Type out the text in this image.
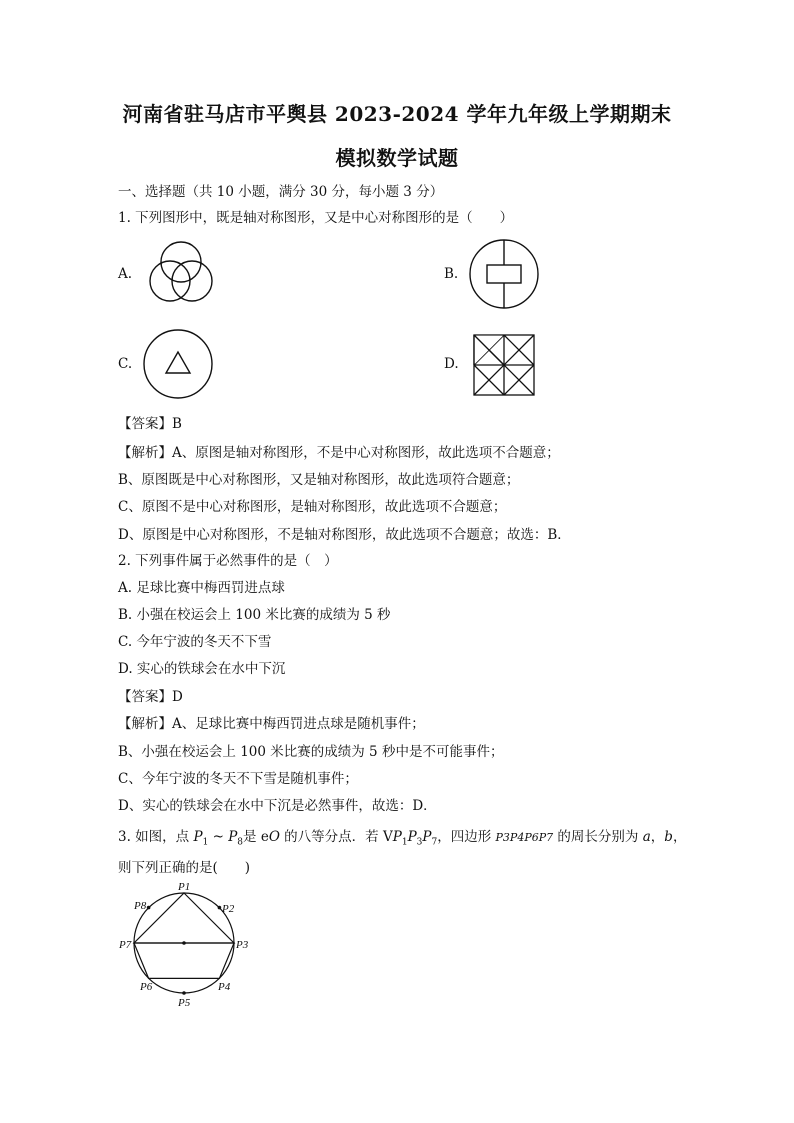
河南省驻马店市平舆县 2023-2024 学年九年级上学期期末
模拟数学试题
一、选择题（共 10 小题，满分 30 分，每小题 3 分）
1. 下列图形中，既是轴对称图形，又是中心对称图形的是（　　）
A.	B.
C.	D.
【答案】B
【解析】A、原图是轴对称图形，不是中心对称图形，故此选项不合题意；
B、原图既是中心对称图形，又是轴对称图形，故此选项符合题意；
C、原图不是中心对称图形，是轴对称图形，故此选项不合题意；
D、原图是中心对称图形，不是轴对称图形，故此选项不合题意；故选：B．
2. 下列事件属于必然事件的是（　）
A. 足球比赛中梅西罚进点球
B. 小强在校运会上 100 米比赛的成绩为 5 秒
C. 今年宁波的冬天不下雪
D. 实心的铁球会在水中下沉
【答案】D
【解析】A、足球比赛中梅西罚进点球是随机事件；
B、小强在校运会上 100 米比赛的成绩为 5 秒中是不可能事件；
C、今年宁波的冬天不下雪是随机事件；
D、实心的铁球会在水中下沉是必然事件，故选：D．
3. 如图，点 $P_1$ ~ $P_8$是 eO 的八等分点．若 $VP_1P_3P_7$，四边形 P3P4P6P7 的周长分别为 a，b，
则下列正确的是(　　)
P1
P2
P3
P4
P5
P6
P7
P8
